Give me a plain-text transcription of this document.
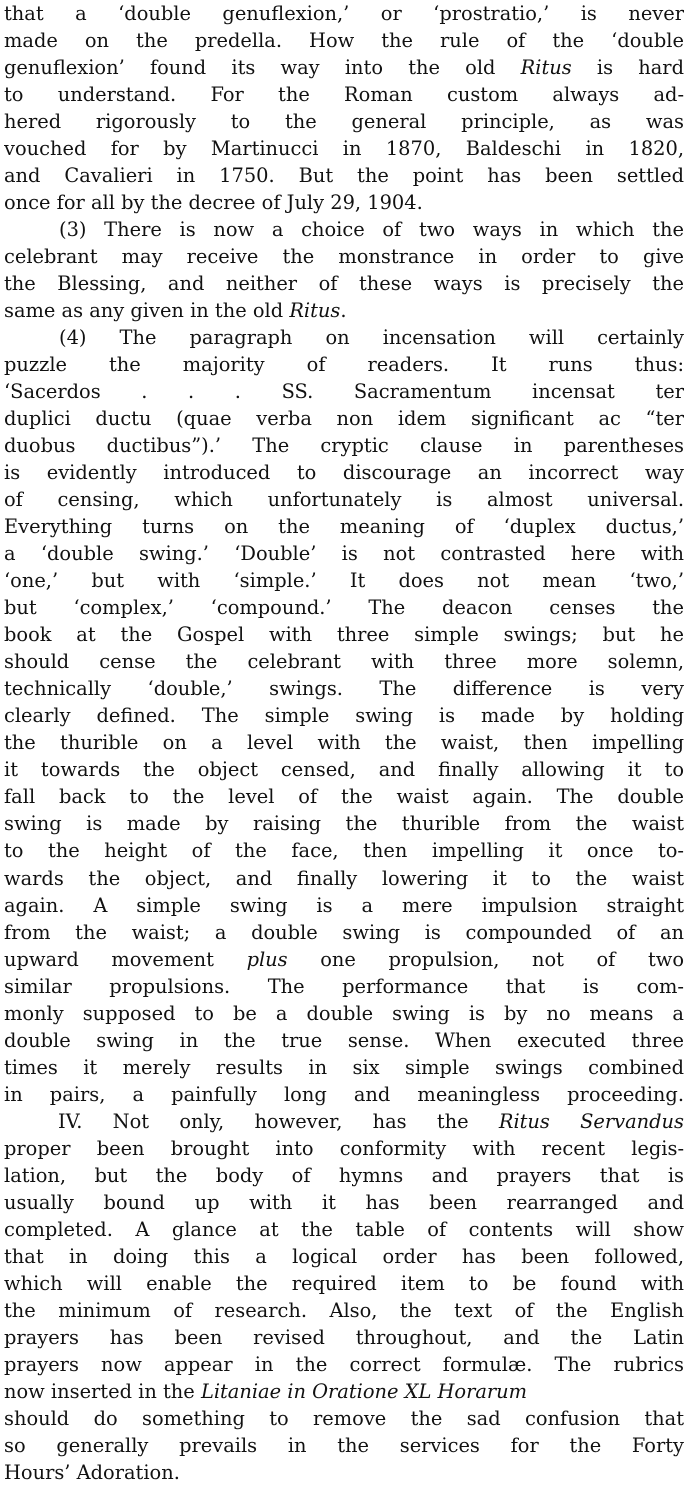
that a ‘double genuflexion,’ or ‘prostratio,’ is never
made on the predella. How the rule of the ‘double
genuflexion’ found its way into the old Ritus is hard
to understand. For the Roman custom always ad-
hered rigorously to the general principle, as was
vouched for by Martinucci in 1870, Baldeschi in 1820,
and Cavalieri in 1750. But the point has been settled
once for all by the decree of July 29, 1904.
(3) There is now a choice of two ways in which the
celebrant may receive the monstrance in order to give
the Blessing, and neither of these ways is precisely the
same as any given in the old Ritus.
(4) The paragraph on incensation will certainly
puzzle the majority of readers. It runs thus:
‘Sacerdos . . . SS. Sacramentum incensat ter
duplici ductu (quae verba non idem significant ac “ter
duobus ductibus”).’ The cryptic clause in parentheses
is evidently introduced to discourage an incorrect way
of censing, which unfortunately is almost universal.
Everything turns on the meaning of ‘duplex ductus,’
a ‘double swing.’ ‘Double’ is not contrasted here with
‘one,’ but with ‘simple.’ It does not mean ‘two,’
but ‘complex,’ ‘compound.’ The deacon censes the
book at the Gospel with three simple swings; but he
should cense the celebrant with three more solemn,
technically ‘double,’ swings. The difference is very
clearly defined. The simple swing is made by holding
the thurible on a level with the waist, then impelling
it towards the object censed, and finally allowing it to
fall back to the level of the waist again. The double
swing is made by raising the thurible from the waist
to the height of the face, then impelling it once to-
wards the object, and finally lowering it to the waist
again. A simple swing is a mere impulsion straight
from the waist; a double swing is compounded of an
upward movement plus one propulsion, not of two
similar propulsions. The performance that is com-
monly supposed to be a double swing is by no means a
double swing in the true sense. When executed three
times it merely results in six simple swings combined
in pairs, a painfully long and meaningless proceeding.
IV. Not only, however, has the Ritus Servandus
proper been brought into conformity with recent legis-
lation, but the body of hymns and prayers that is
usually bound up with it has been rearranged and
completed. A glance at the table of contents will show
that in doing this a logical order has been followed,
which will enable the required item to be found with
the minimum of research. Also, the text of the English
prayers has been revised throughout, and the Latin
prayers now appear in the correct formulæ. The rubrics
now inserted in the Litaniae in Oratione XL Horarum
should do something to remove the sad confusion that
so generally prevails in the services for the Forty
Hours’ Adoration.
